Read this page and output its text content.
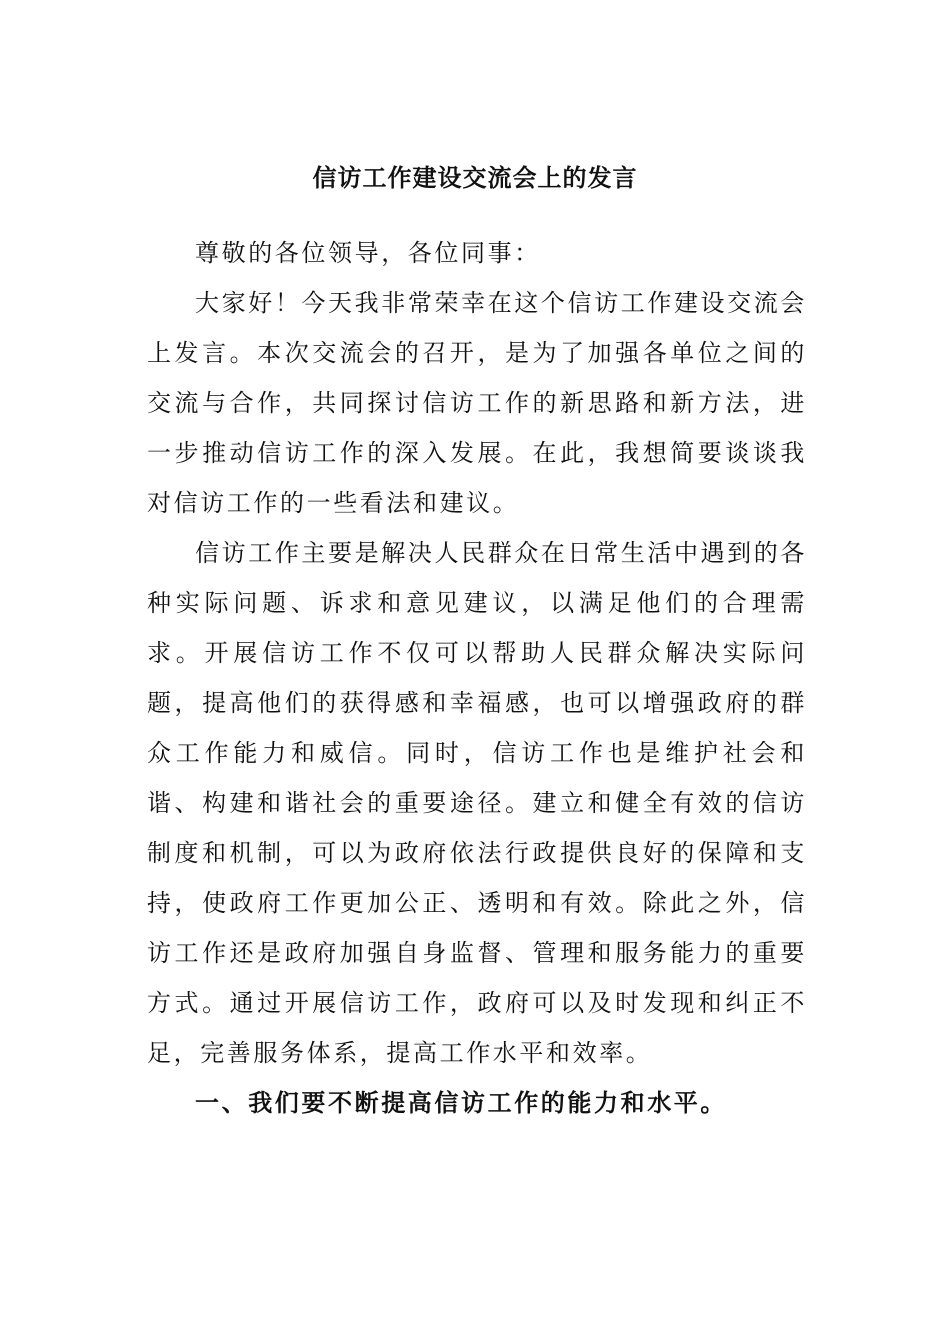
信访工作建设交流会上的发言

尊敬的各位领导，各位同事：

大家好！今天我非常荣幸在这个信访工作建设交流会上发言。本次交流会的召开，是为了加强各单位之间的交流与合作，共同探讨信访工作的新思路和新方法，进一步推动信访工作的深入发展。在此，我想简要谈谈我对信访工作的一些看法和建议。

信访工作主要是解决人民群众在日常生活中遇到的各种实际问题、诉求和意见建议，以满足他们的合理需求。开展信访工作不仅可以帮助人民群众解决实际问题，提高他们的获得感和幸福感，也可以增强政府的群众工作能力和威信。同时，信访工作也是维护社会和谐、构建和谐社会的重要途径。建立和健全有效的信访制度和机制，可以为政府依法行政提供良好的保障和支持，使政府工作更加公正、透明和有效。除此之外，信访工作还是政府加强自身监督、管理和服务能力的重要方式。通过开展信访工作，政府可以及时发现和纠正不足，完善服务体系，提高工作水平和效率。

一、我们要不断提高信访工作的能力和水平。
